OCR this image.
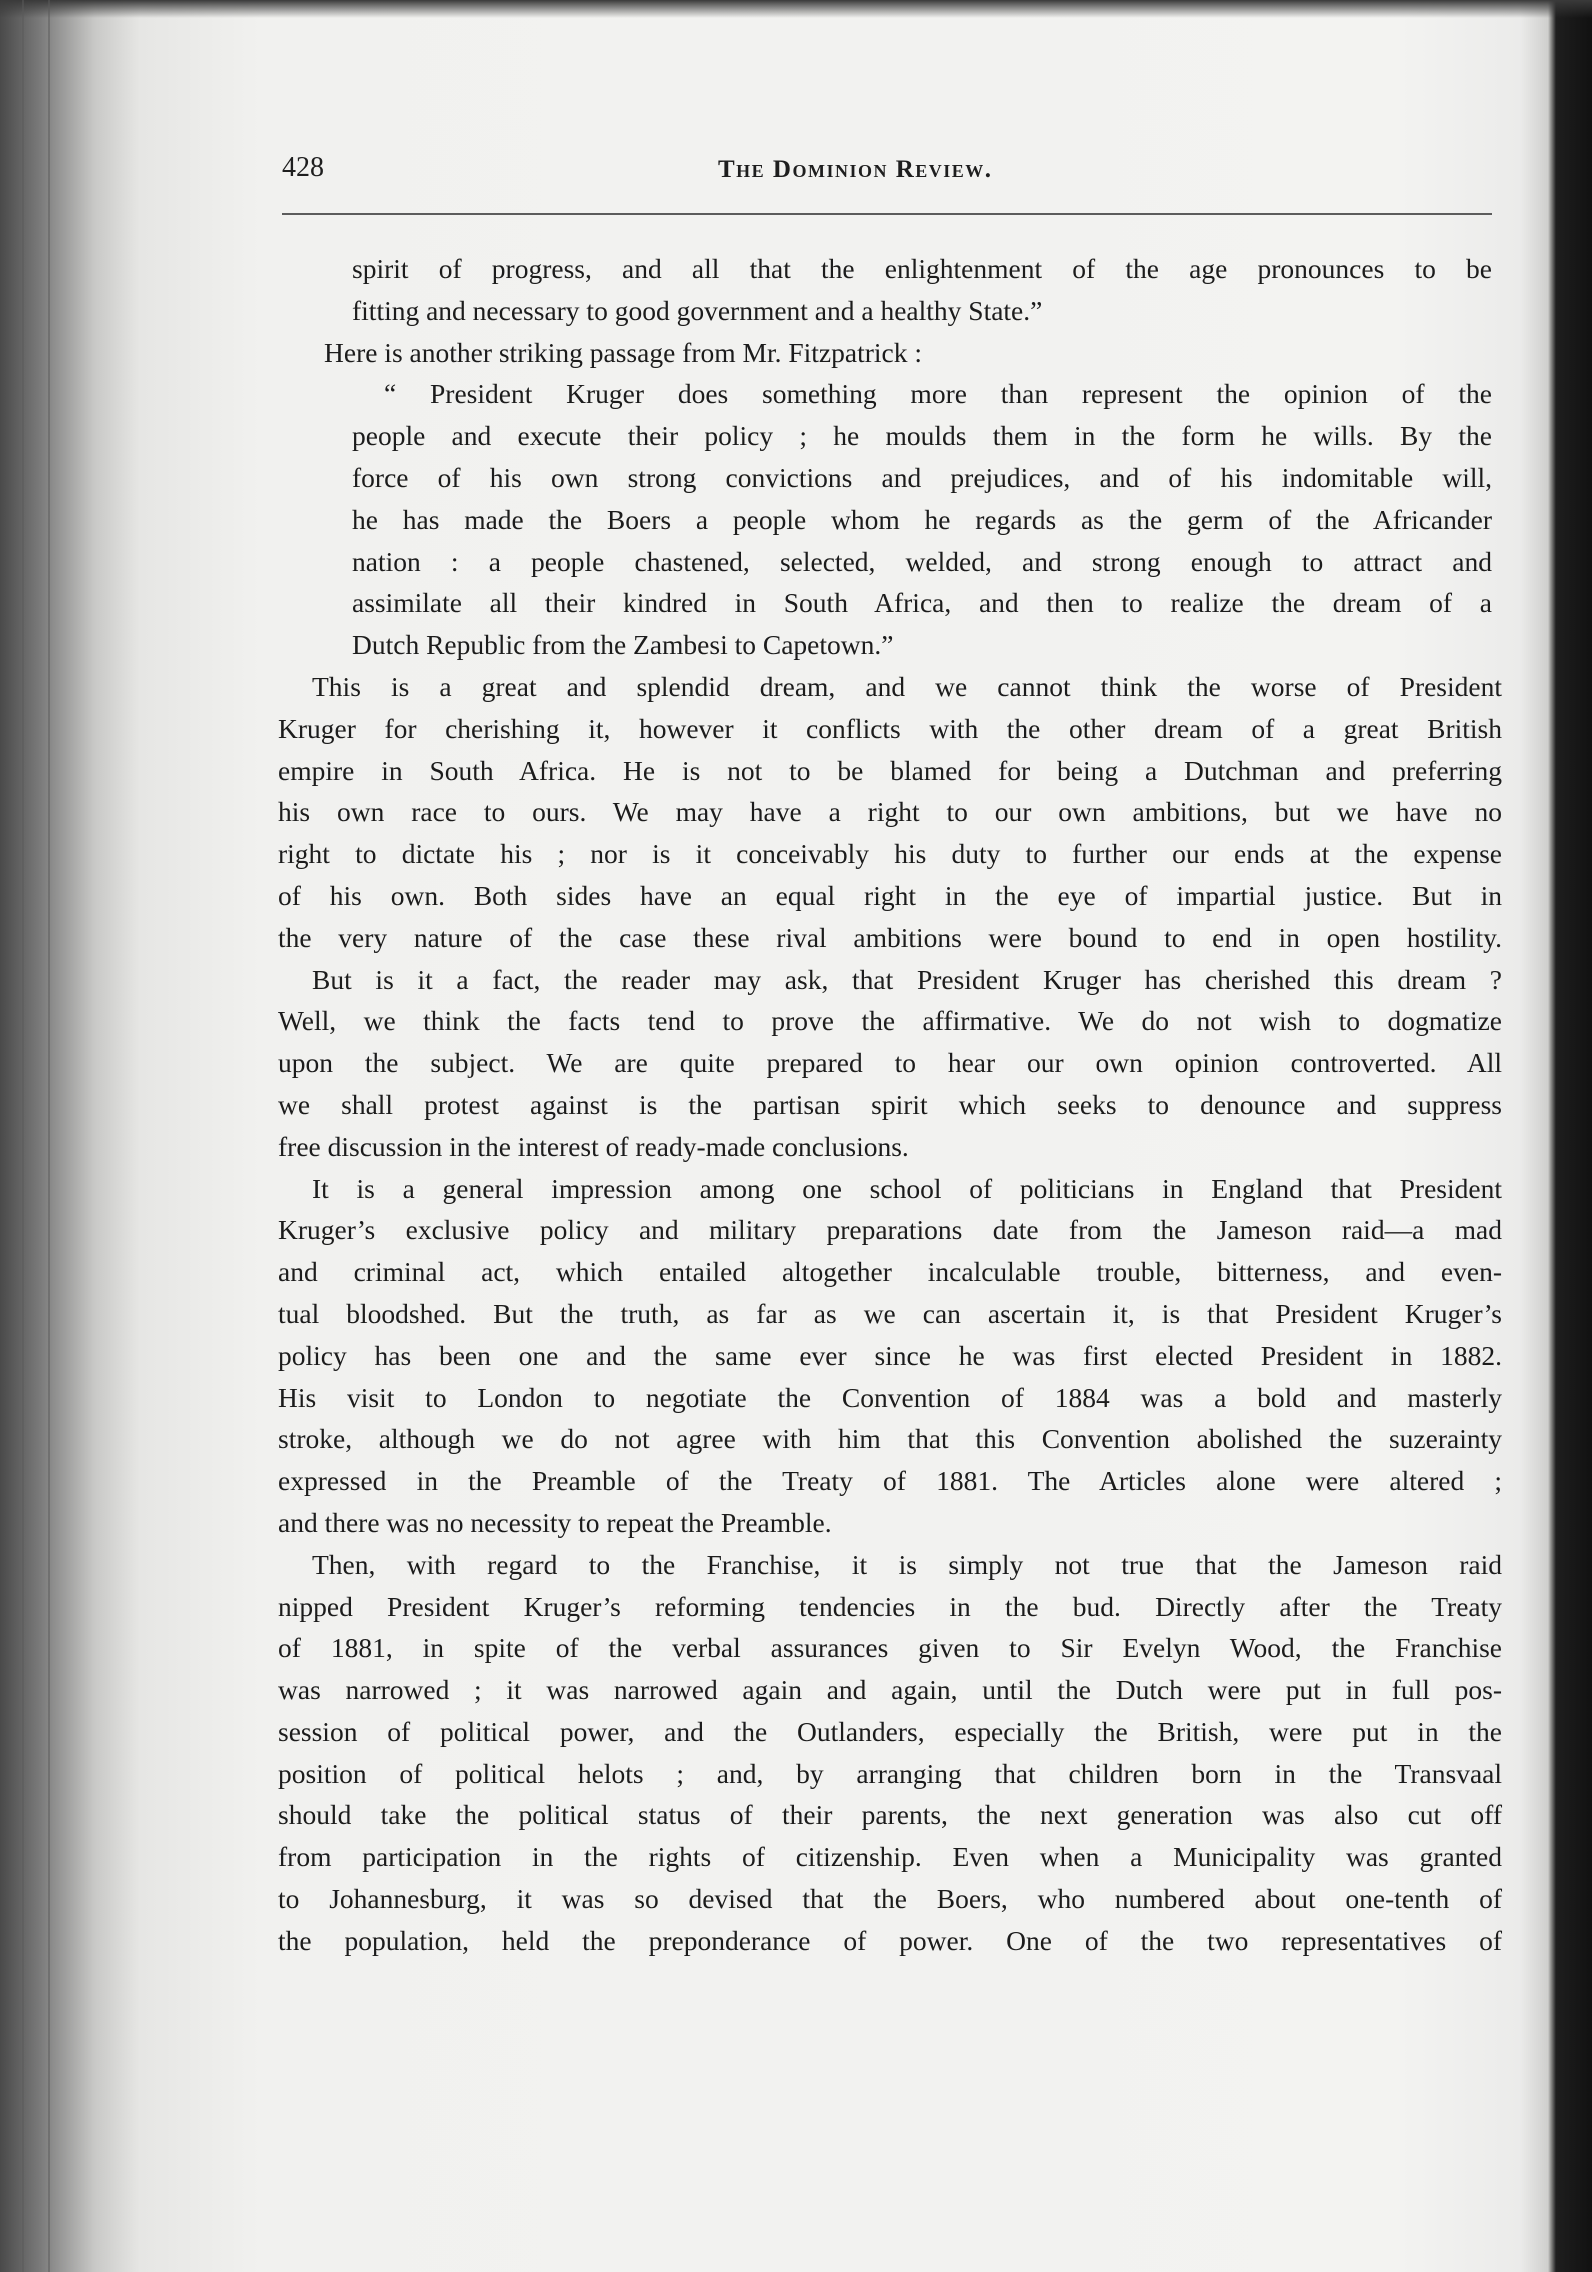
428	The Dominion Review.
spirit of progress, and all that the enlightenment of the age pronounces to be
fitting and necessary to good government and a healthy State.”
Here is another striking passage from Mr. Fitzpatrick :
“ President Kruger does something more than represent the opinion of the
people and execute their policy ; he moulds them in the form he wills. By the
force of his own strong convictions and prejudices, and of his indomitable will,
he has made the Boers a people whom he regards as the germ of the Africander
nation : a people chastened, selected, welded, and strong enough to attract and
assimilate all their kindred in South Africa, and then to realize the dream of a
Dutch Republic from the Zambesi to Capetown.”
This is a great and splendid dream, and we cannot think the worse of President
Kruger for cherishing it, however it conflicts with the other dream of a great British
empire in South Africa. He is not to be blamed for being a Dutchman and preferring
his own race to ours. We may have a right to our own ambitions, but we have no
right to dictate his ; nor is it conceivably his duty to further our ends at the expense
of his own. Both sides have an equal right in the eye of impartial justice. But in
the very nature of the case these rival ambitions were bound to end in open hostility.
But is it a fact, the reader may ask, that President Kruger has cherished this dream ?
Well, we think the facts tend to prove the affirmative. We do not wish to dogmatize
upon the subject. We are quite prepared to hear our own opinion controverted. All
we shall protest against is the partisan spirit which seeks to denounce and suppress
free discussion in the interest of ready-made conclusions.
It is a general impression among one school of politicians in England that President
Kruger’s exclusive policy and military preparations date from the Jameson raid—a mad
and criminal act, which entailed altogether incalculable trouble, bitterness, and even-
tual bloodshed. But the truth, as far as we can ascertain it, is that President Kruger’s
policy has been one and the same ever since he was first elected President in 1882.
His visit to London to negotiate the Convention of 1884 was a bold and masterly
stroke, although we do not agree with him that this Convention abolished the suzerainty
expressed in the Preamble of the Treaty of 1881. The Articles alone were altered ;
and there was no necessity to repeat the Preamble.
Then, with regard to the Franchise, it is simply not true that the Jameson raid
nipped President Kruger’s reforming tendencies in the bud. Directly after the Treaty
of 1881, in spite of the verbal assurances given to Sir Evelyn Wood, the Franchise
was narrowed ; it was narrowed again and again, until the Dutch were put in full pos-
session of political power, and the Outlanders, especially the British, were put in the
position of political helots ; and, by arranging that children born in the Transvaal
should take the political status of their parents, the next generation was also cut off
from participation in the rights of citizenship. Even when a Municipality was granted
to Johannesburg, it was so devised that the Boers, who numbered about one-tenth of
the population, held the preponderance of power. One of the two representatives of
